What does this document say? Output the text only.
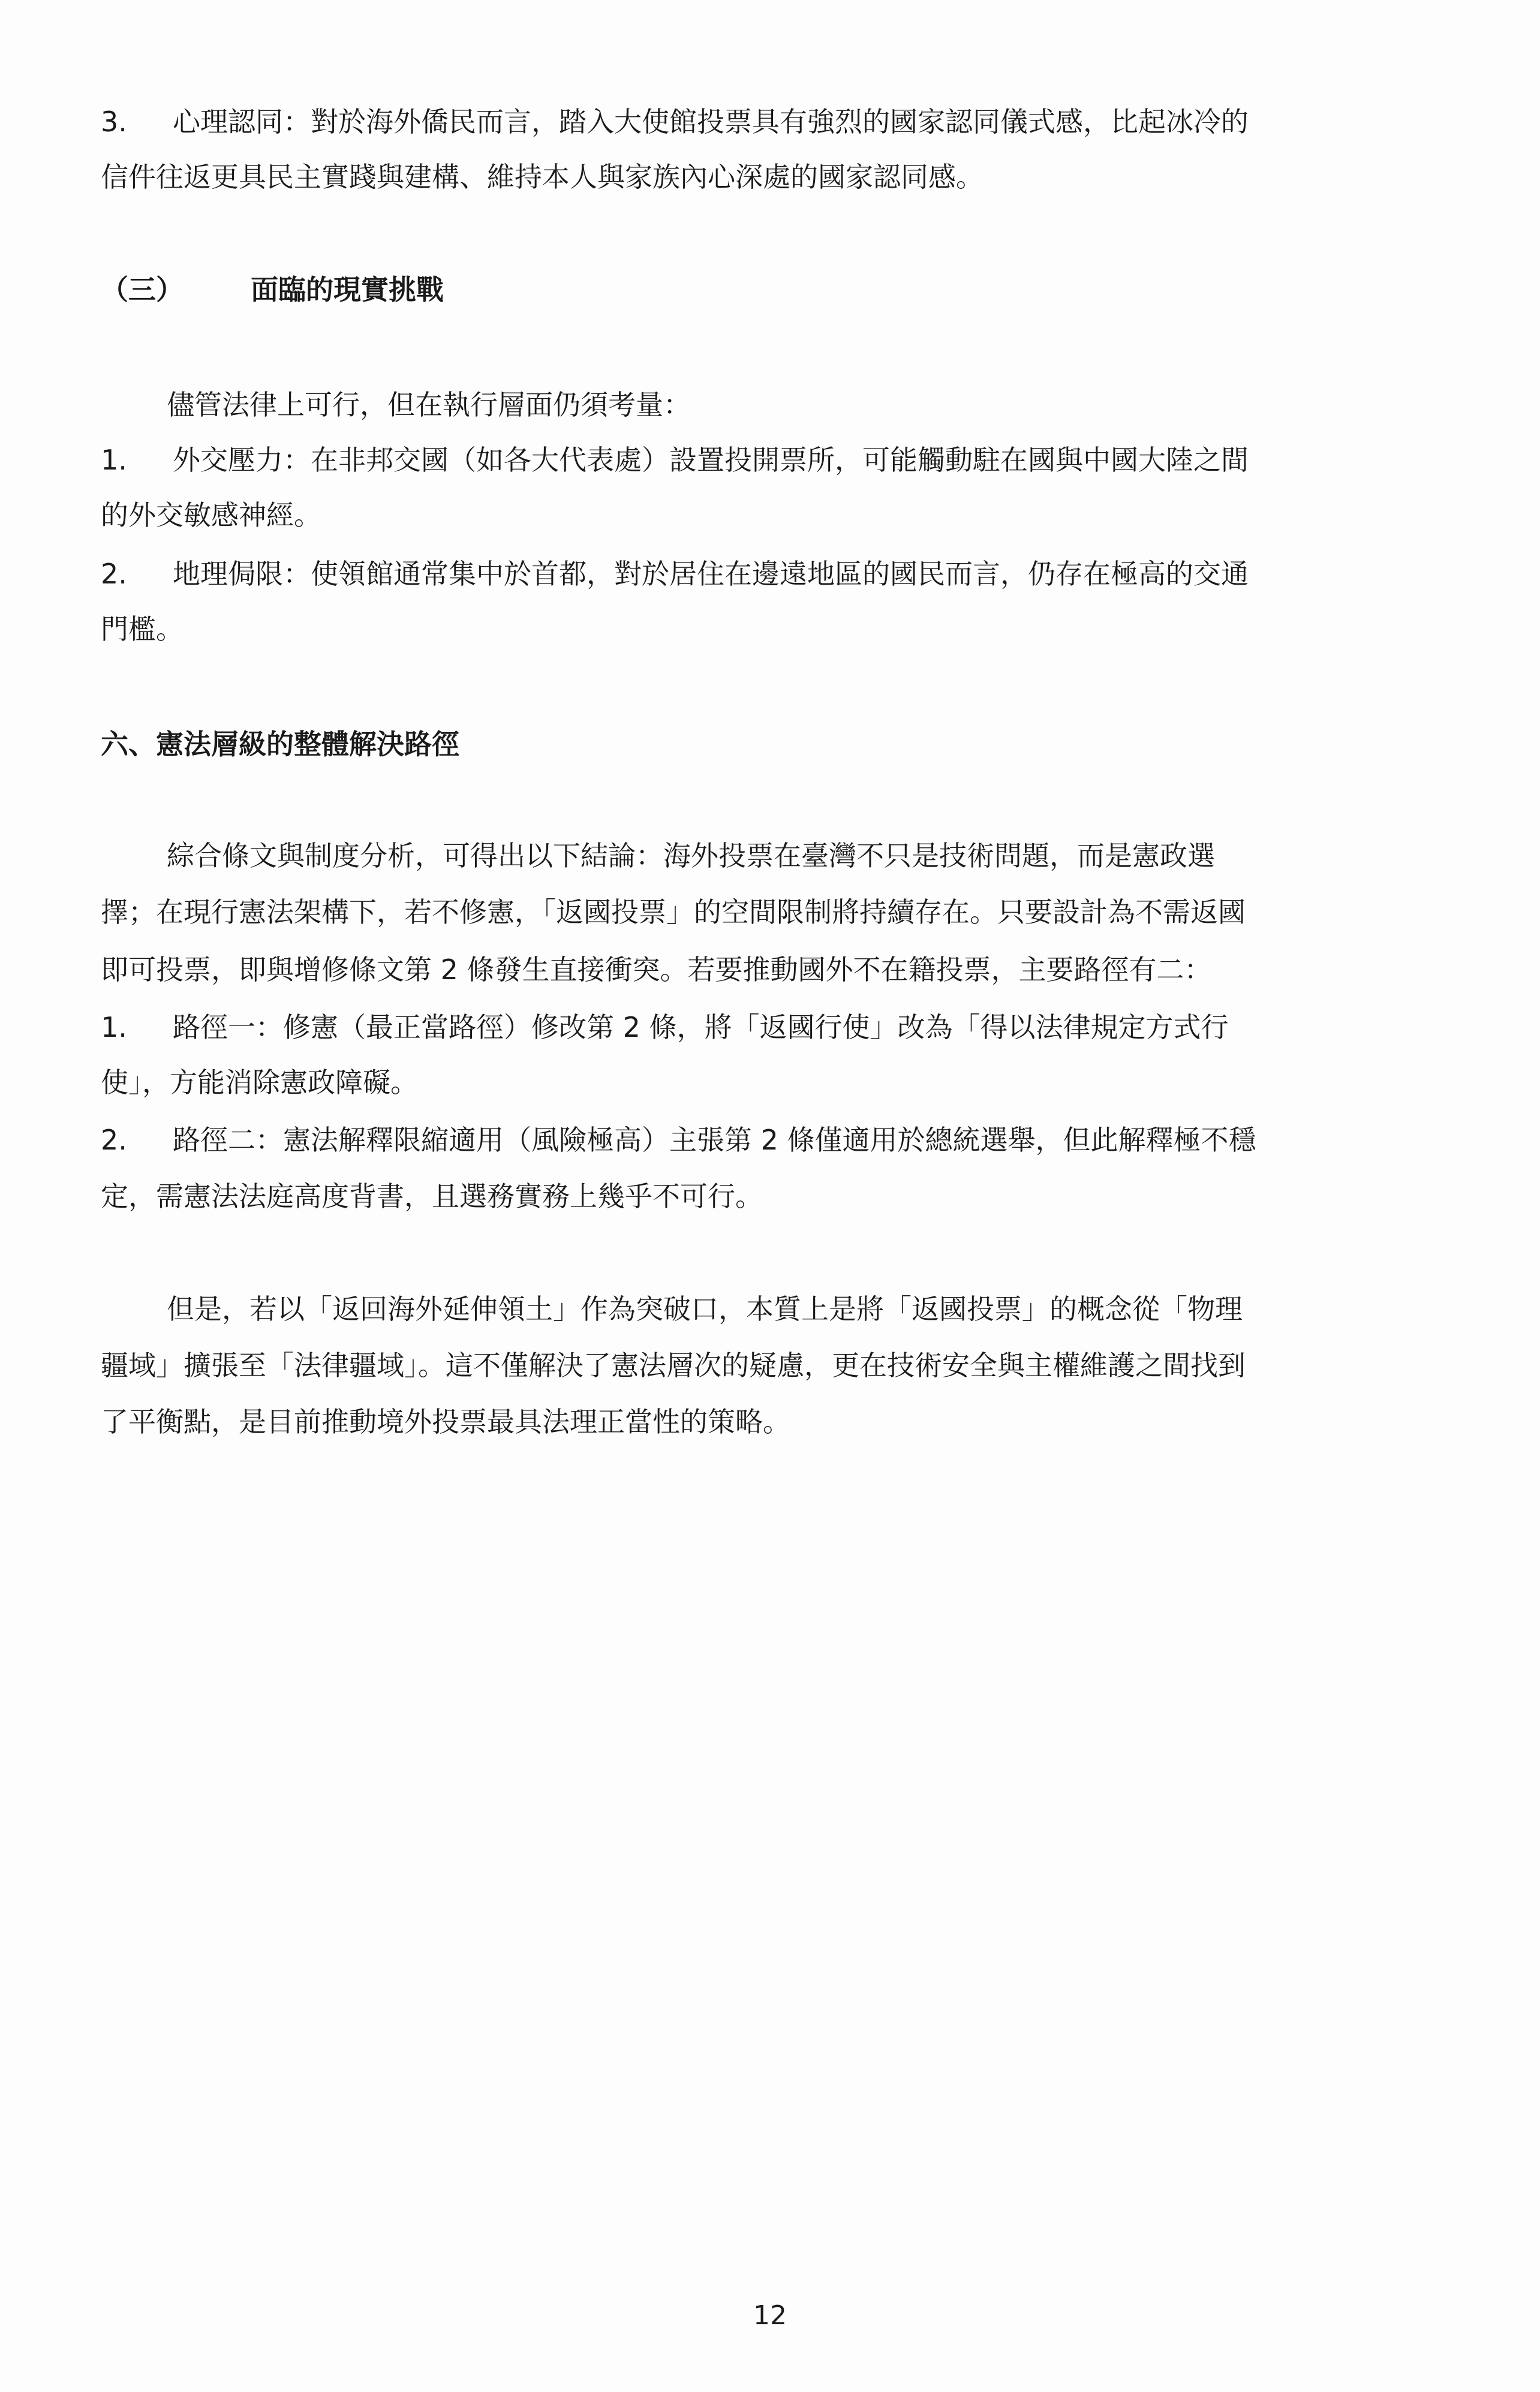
3. 心理認同：對於海外僑民而言，踏入大使館投票具有強烈的國家認同儀式感，比起冰冷的
信件往返更具民主實踐與建構、維持本人與家族內心深處的國家認同感。
（三） 面臨的現實挑戰
儘管法律上可行，但在執行層面仍須考量：
1. 外交壓力：在非邦交國（如各大代表處）設置投開票所，可能觸動駐在國與中國大陸之間
的外交敏感神經。
2. 地理侷限：使領館通常集中於首都，對於居住在邊遠地區的國民而言，仍存在極高的交通
門檻。
六、憲法層級的整體解決路徑
綜合條文與制度分析，可得出以下結論：海外投票在臺灣不只是技術問題，而是憲政選
擇；在現行憲法架構下，若不修憲，「返國投票」的空間限制將持續存在。只要設計為不需返國
即可投票，即與增修條文第 2 條發生直接衝突。若要推動國外不在籍投票，主要路徑有二：
1. 路徑一：修憲（最正當路徑）修改第 2 條，將「返國行使」改為「得以法律規定方式行
使」，方能消除憲政障礙。
2. 路徑二：憲法解釋限縮適用（風險極高）主張第 2 條僅適用於總統選舉，但此解釋極不穩
定，需憲法法庭高度背書，且選務實務上幾乎不可行。
但是，若以「返回海外延伸領土」作為突破口，本質上是將「返國投票」的概念從「物理
疆域」擴張至「法律疆域」。這不僅解決了憲法層次的疑慮，更在技術安全與主權維護之間找到
了平衡點，是目前推動境外投票最具法理正當性的策略。
12
